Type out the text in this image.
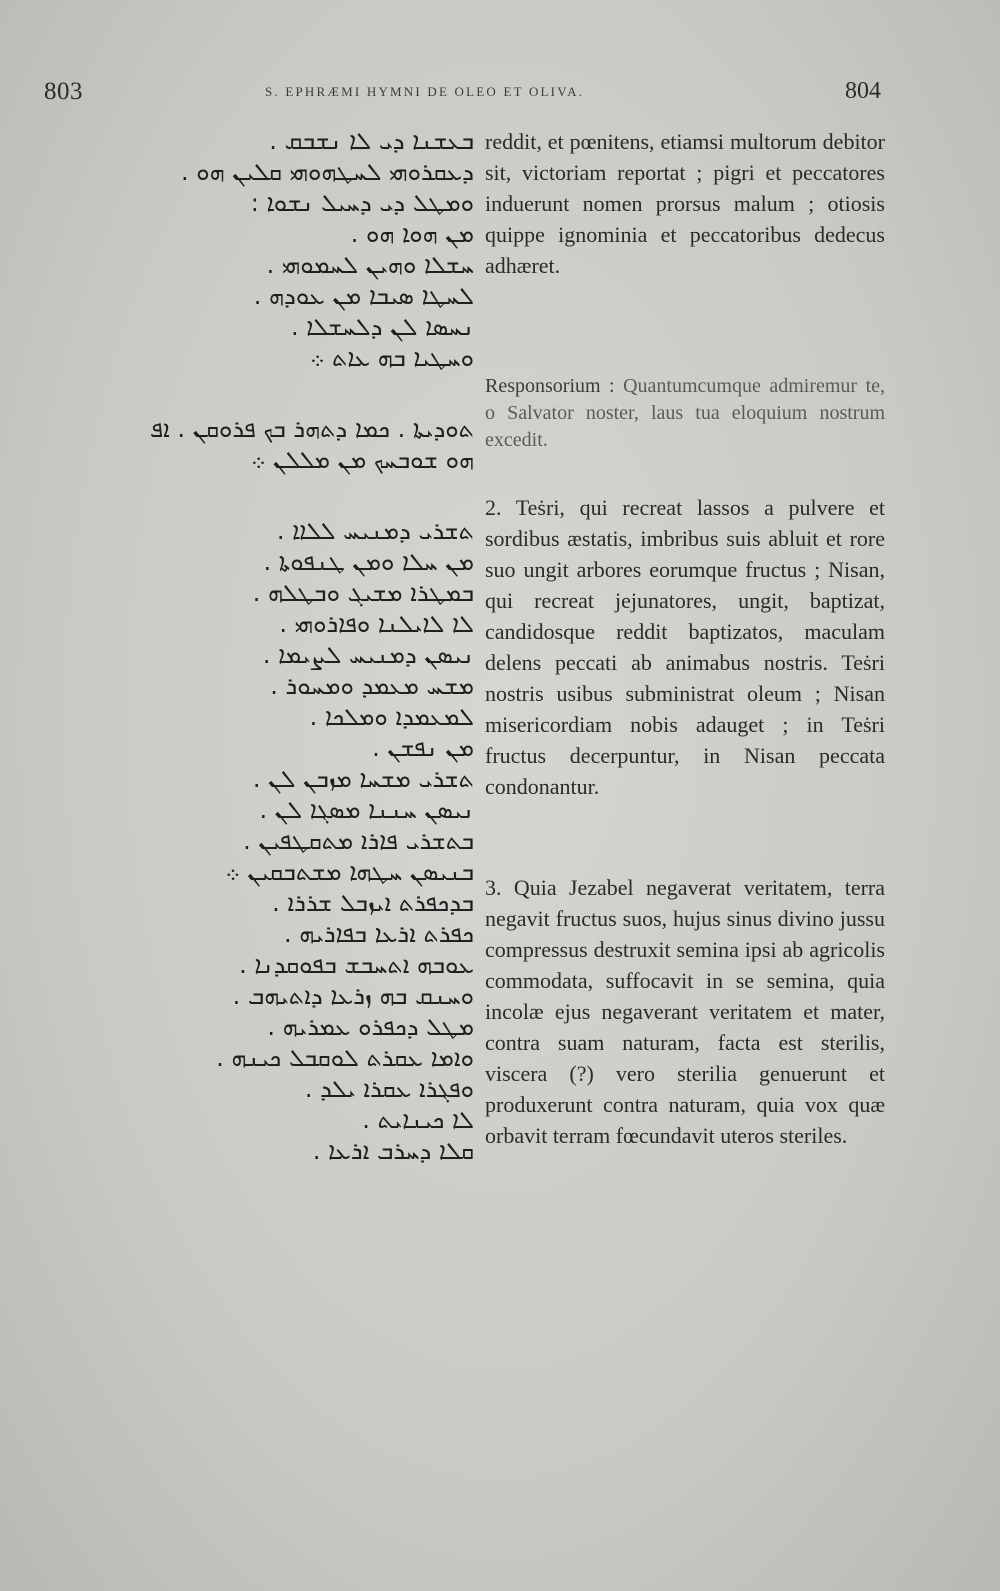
803	S. EPHRÆMI HYMNI DE OLEO ET OLIVA.	804
ܒܥܫܢܐ ܕܝ ܠܐ ܢܫܒܩ .
ܕܥܩܪܘܗܝ ܠܚܛܗܘܗܝ ܩܠܝܢ ܗܘ .
ܘܡܛܠ ܕܝ ܕܚܝܠ ܢܫܘܐ :
ܡܢ ܗܘܐ ܗܘ .
ܚܫܠܐ ܘܗܝܢ ܠܚܡܘܗܝ .
ܠܚܛܐ ܣܝܒܐ ܡܢ ܥܘܕܗ .
ܢܚܣܐ ܠܢ ܕܠܚܫܠܐ .
ܘܚܛܝܐ ܒܗ ܥܐܬ ܀
ܬܘܕܝܬܐ . ܟܡܐ ܕܬܗܪ ܒܟ ܦܪܘܩܢ . ܐܦ
ܗܘ ܫܘܒܚܟ ܡܢ ܡܠܠܢ ܀
ܬܫܪܝ ܕܡܢܝܚ ܠܠܐܐ .
ܡܢ ܚܠܐ ܘܡܢ ܛܢܦܘܬܐ .
ܒܡܛܪܐ ܡܫܝܓ ܘܒܛܠܗ .
ܠܐ ܠܐܝܠܢܐ ܘܦܐܪܘܗܝ .
ܢܝܣܢ ܕܡܢܝܚ ܠܨܝܡܐ .
ܡܫܚ ܡܥܡܕ ܘܡܚܘܪ .
ܠܡܥܡܕܐ ܘܡܠܟܐ .
ܡܢ ܢܦܫܢ .
ܬܫܪܝ ܡܫܚܐ ܡܙܒܢ ܠܢ .
ܢܝܣܢ ܚܢܢܐ ܡܣܓܐ ܠܢ .
ܒܬܫܪܝ ܦܐܪܐ ܡܬܩܛܦܝܢ .
ܒܢܝܣܢ ܚܛܗܐ ܡܫܬܒܩܝܢ ܀
ܒܕܟܦܪܬ ܐܝܙܒܠ ܫܪܪܐ .
ܟܦܪܬ ܐܪܥܐ ܒܦܐܪܝܗ .
ܥܘܒܗ ܐܬܚܒܫ ܒܦܘܩܕܢܐ .
ܘܚܢܩ ܒܗ ܙܪܥܐ ܕܐܬܝܗܒ .
ܡܛܠ ܕܟܦܪܘ ܥܡܪܝܗ .
ܘܐܡܐ ܥܩܪܬ ܠܘܩܒܠ ܟܝܢܗ .
ܘܦܓܪܐ ܥܩܪܐ ܝܠܕ .
ܠܐ ܟܝܢܐܝܬ .
ܩܠܐ ܕܚܪܒ ܐܪܥܐ .

reddit, et pœnitens, etiamsi multorum debitor sit, victoriam reportat ; pigri et peccatores induerunt nomen prorsus malum ; otiosis quippe ignominia et peccatoribus dedecus adhæret.

Responsorium : Quantumcumque admiremur te, o Salvator noster, laus tua eloquium nostrum excedit.

2. Teṡri, qui recreat lassos a pulvere et sordibus æstatis, imbribus suis abluit et rore suo ungit arbores eorumque fructus ; Nisan, qui recreat jejunatores, ungit, baptizat, candidosque reddit baptizatos, maculam delens peccati ab animabus nostris. Teṡri nostris usibus subministrat oleum ; Nisan misericordiam nobis adauget ; in Teṡri fructus decerpuntur, in Nisan peccata condonantur.

3. Quia Jezabel negaverat veritatem, terra negavit fructus suos, hujus sinus divino jussu compressus destruxit semina ipsi ab agricolis commodata, suffocavit in se semina, quia incolæ ejus negaverant veritatem et mater, contra suam naturam, facta est sterilis, viscera (?) vero sterilia genuerunt et produxerunt contra naturam, quia vox quæ orbavit terram fœcundavit uteros steriles.
